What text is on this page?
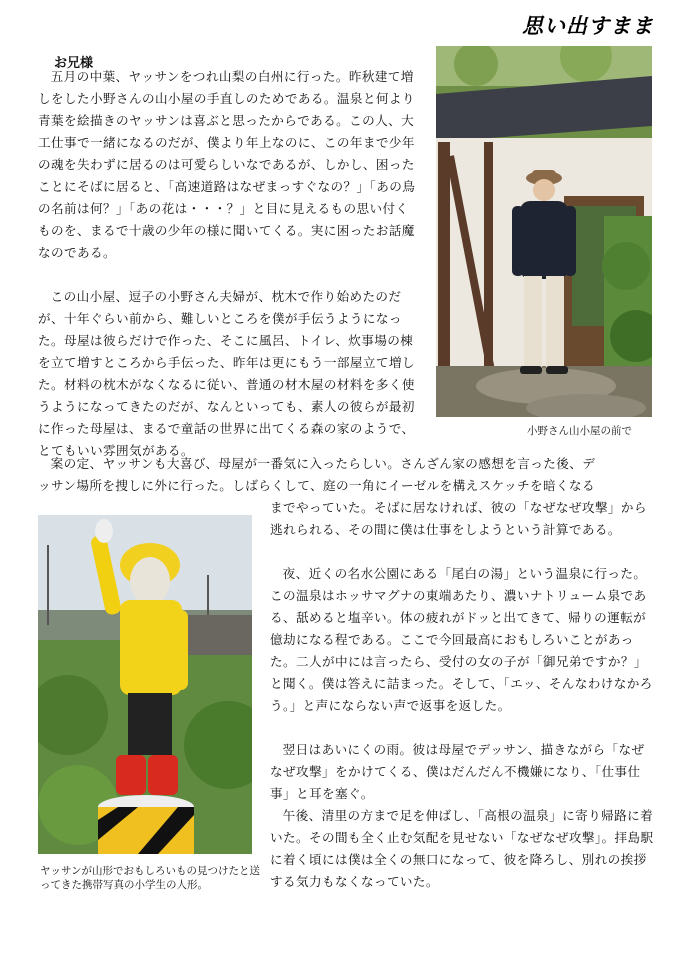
思い出すまま
お兄様

五月の中葉、ヤッサンをつれ山梨の白州に行った。昨秋建て増しをした小野さんの山小屋の手直しのためである。温泉と何より青葉を絵描きのヤッサンは喜ぶと思ったからである。この人、大工仕事で一緒になるのだが、僕より年上なのに、この年まで少年の魂を失わずに居るのは可愛らしいなであるが、しかし、困ったことにそばに居ると、「高速道路はなぜまっすぐなの？」「あの鳥の名前は何？」「あの花は・・・？」と目に見えるもの思い付くものを、まるで十歳の少年の様に聞いてくる。実に困ったお話魔なのである。

この山小屋、逗子の小野さん夫婦が、枕木で作り始めたのだが、十年ぐらい前から、難しいところを僕が手伝うようになった。母屋は彼らだけで作った、そこに風呂、トイレ、炊事場の棟を立て増すところから手伝った、昨年は更にもう一部屋立て増した。材料の枕木がなくなるに従い、普通の材木屋の材料を多く使うようになってきたのだが、なんといっても、素人の彼らが最初に作った母屋は、まるで童話の世界に出てくる森の家のようで、とてもいい雰囲気がある。

小野さん山小屋の前で

案の定、ヤッサンも大喜び、母屋が一番気に入ったらしい。さんざん家の感想を言った後、デ

ッサン場所を捜しに外に行った。しばらくして、庭の一角にイーゼルを構えスケッチを暗くなる

までやっていた。そばに居なければ、彼の「なぜなぜ攻撃」から逃れられる、その間に僕は仕事をしようという計算である。

夜、近くの名水公園にある「尾白の湯」という温泉に行った。この温泉はホッサマグナの東端あたり、濃いナトリューム泉である、舐めると塩辛い。体の疲れがドッと出てきて、帰りの運転が億劫になる程である。ここで今回最高におもしろいことがあった。二人が中には言ったら、受付の女の子が「御兄弟ですか？」と聞く。僕は答えに詰まった。そして、「エッ、そんなわけなかろう。」と声にならない声で返事を返した。

翌日はあいにくの雨。彼は母屋でデッサン、描きながら「なぜなぜ攻撃」をかけてくる、僕はだんだん不機嫌になり、「仕事仕事」と耳を塞ぐ。

午後、清里の方まで足を伸ばし、「高根の温泉」に寄り帰路に着いた。その間も全く止む気配を見せない「なぜなぜ攻撃」。拝島駅に着く頃には僕は全くの無口になって、彼を降ろし、別れの挨拶する気力もなくなっていた。

ヤッサンが山形でおもしろいもの見つけたと送ってきた携帯写真の小学生の人形。
